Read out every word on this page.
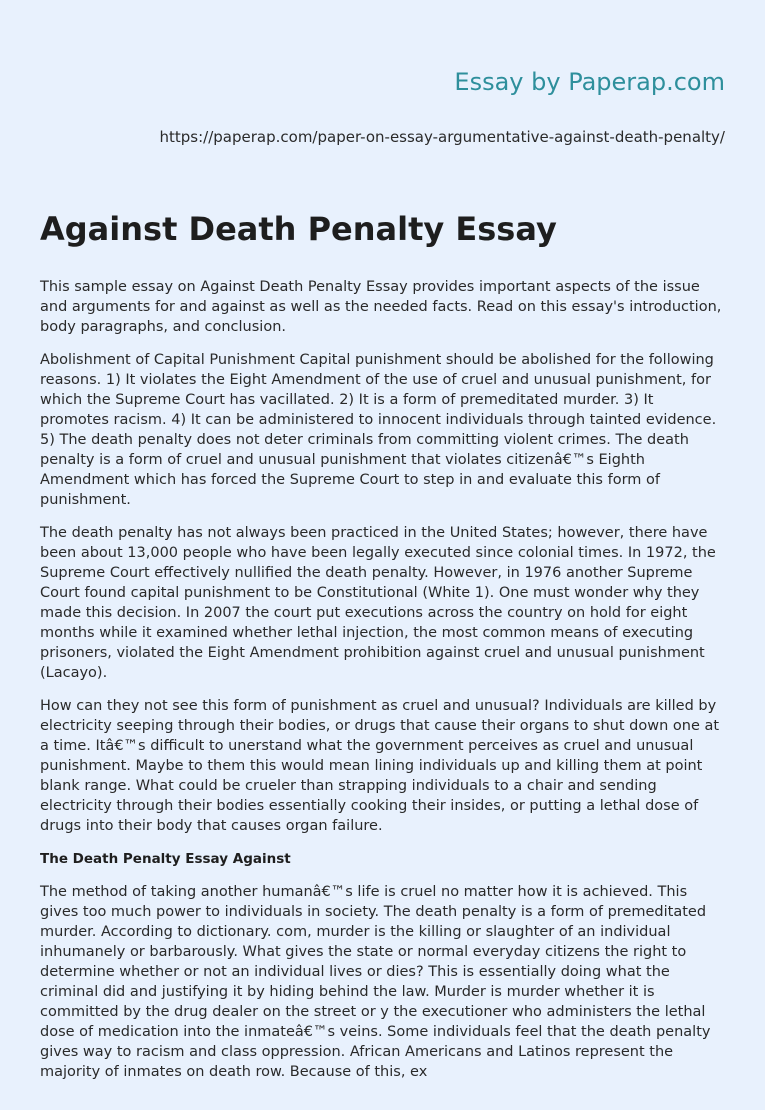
Essay by Paperap.com
https://paperap.com/paper-on-essay-argumentative-against-death-penalty/
Against Death Penalty Essay

This sample essay on Against Death Penalty Essay provides important aspects of the issue and arguments for and against as well as the needed facts. Read on this essay's introduction, body paragraphs, and conclusion.

Abolishment of Capital Punishment Capital punishment should be abolished for the following reasons. 1) It violates the Eight Amendment of the use of cruel and unusual punishment, for which the Supreme Court has vacillated. 2) It is a form of premeditated murder. 3) It promotes racism. 4) It can be administered to innocent individuals through tainted evidence. 5) The death penalty does not deter criminals from committing violent crimes. The death penalty is a form of cruel and unusual punishment that violates citizenâ€™s Eighth Amendment which has forced the Supreme Court to step in and evaluate this form of punishment.

The death penalty has not always been practiced in the United States; however, there have been about 13,000 people who have been legally executed since colonial times. In 1972, the Supreme Court effectively nullified the death penalty. However, in 1976 another Supreme Court found capital punishment to be Constitutional (White 1). One must wonder why they made this decision. In 2007 the court put executions across the country on hold for eight months while it examined whether lethal injection, the most common means of executing prisoners, violated the Eight Amendment prohibition against cruel and unusual punishment (Lacayo).

How can they not see this form of punishment as cruel and unusual? Individuals are killed by electricity seeping through their bodies, or drugs that cause their organs to shut down one at a time. Itâ€™s difficult to unerstand what the government perceives as cruel and unusual punishment. Maybe to them this would mean lining individuals up and killing them at point blank range. What could be crueler than strapping individuals to a chair and sending electricity through their bodies essentially cooking their insides, or putting a lethal dose of drugs into their body that causes organ failure.

The Death Penalty Essay Against

The method of taking another humanâ€™s life is cruel no matter how it is achieved. This gives too much power to individuals in society. The death penalty is a form of premeditated murder. According to dictionary. com, murder is the killing or slaughter of an individual inhumanely or barbarously. What gives the state or normal everyday citizens the right to determine whether or not an individual lives or dies? This is essentially doing what the criminal did and justifying it by hiding behind the law. Murder is murder whether it is committed by the drug dealer on the street or y the executioner who administers the lethal dose of medication into the inmateâ€™s veins. Some individuals feel that the death penalty gives way to racism and class oppression. African Americans and Latinos represent the majority of inmates on death row. Because of this, ex
